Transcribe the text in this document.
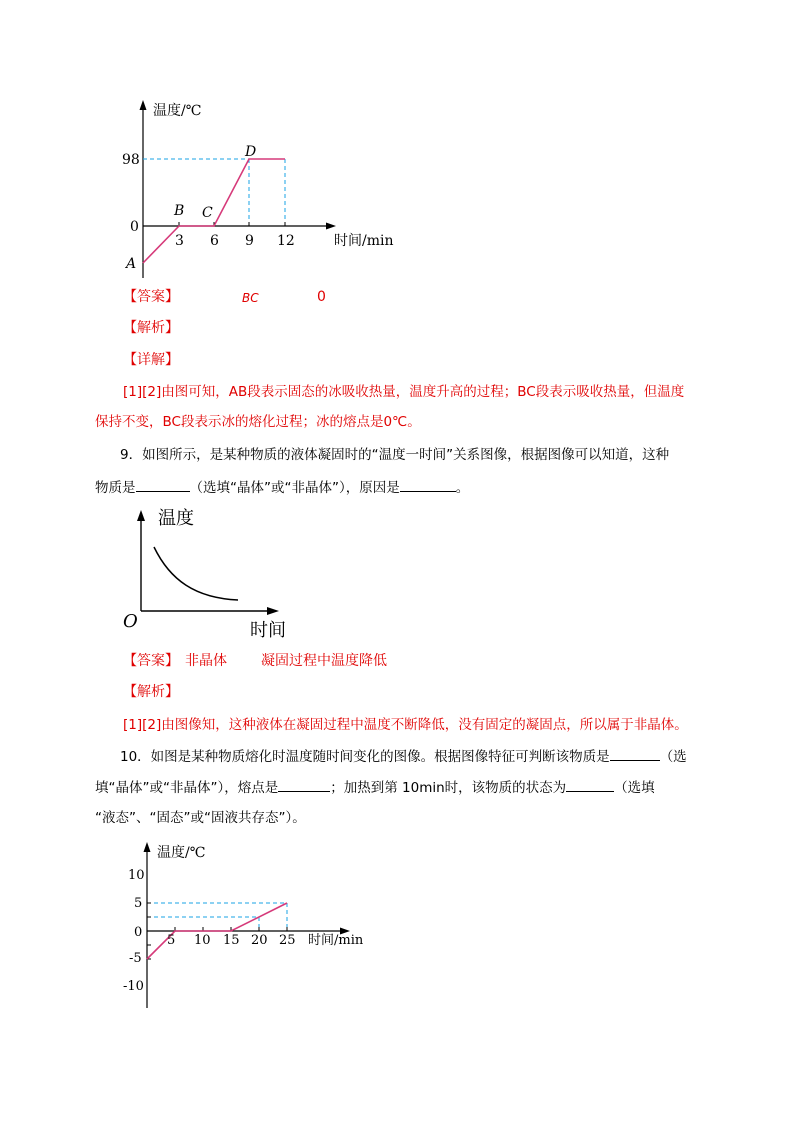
温度/℃
时间/min
98
0
3 6 9 12
A
B C
D
【答案】	BC	0
【解析】
【详解】
[1][2]由图可知，AB段表示固态的冰吸收热量，温度升高的过程；BC段表示吸收热量，但温度
保持不变，BC段表示冰的熔化过程；冰的熔点是0℃。
9．如图所示，是某种物质的液体凝固时的“温度一时间”关系图像，根据图像可以知道，这种
物质是	（选填“晶体”或“非晶体”），原因是	。
温度
时间
O
【答案】 非晶体 凝固过程中温度降低
【解析】
[1][2]由图像知，这种液体在凝固过程中温度不断降低，没有固定的凝固点，所以属于非晶体。
10．如图是某种物质熔化时温度随时间变化的图像。根据图像特征可判断该物质是	（选
填“晶体”或“非晶体”），熔点是	；加热到第 10min时，该物质的状态为	（选填
“液态”、“固态”或“固液共存态”）。
温度/℃
时间/min
10
5
0
-5
-10
5 10 15 20 25
